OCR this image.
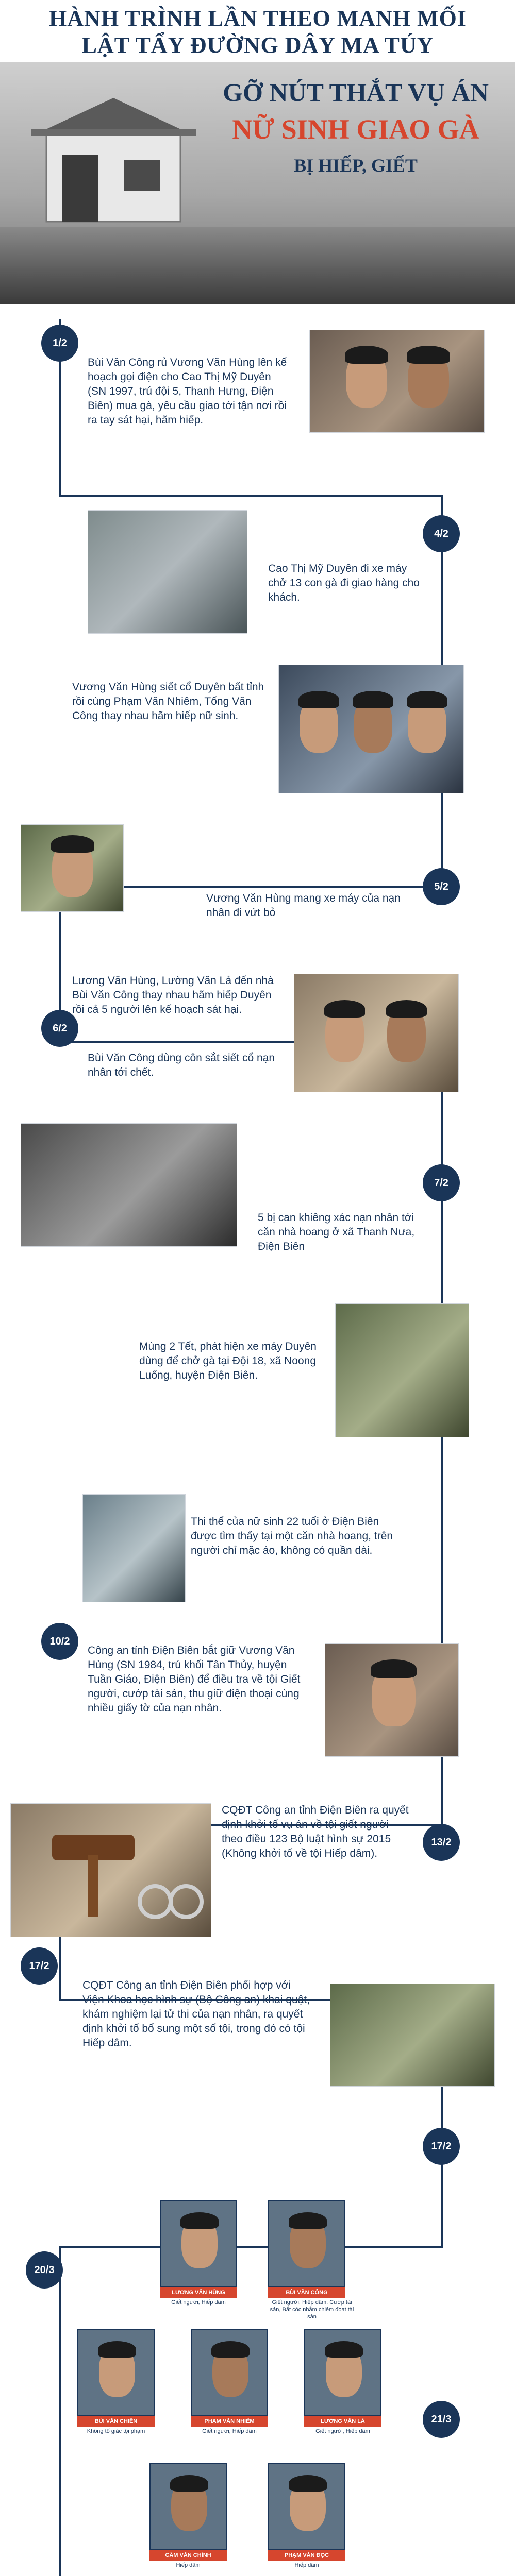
HÀNH TRÌNH LẦN THEO MANH MỐI
LẬT TẨY ĐƯỜNG DÂY MA TÚY
GỠ NÚT THẮT VỤ ÁN
NỮ SINH GIAO GÀ
BỊ HIẾP, GIẾT
1/2
Bùi Văn Công rủ Vương Văn Hùng lên kế hoạch gọi điện cho Cao Thị Mỹ Duyên (SN 1997, trú đội 5, Thanh Hưng, Điện Biên) mua gà, yêu cầu giao tới tận nơi rồi ra tay sát hại, hãm hiếp.
4/2
Cao Thị Mỹ Duyên đi xe máy chở 13 con gà đi giao hàng cho khách.
Vương Văn Hùng siết cổ Duyên bất tỉnh rồi cùng Phạm Văn Nhiêm, Tống Văn Công thay nhau hãm hiếp nữ sinh.
Vương Văn Hùng mang xe máy của nạn nhân đi vứt bỏ
5/2
Lương Văn Hùng, Lường Văn Lả đến nhà Bùi Văn Công thay nhau hãm hiếp Duyên rồi cả 5 người lên kế hoạch sát hại.
6/2
Bùi Văn Công dùng côn sắt siết cổ nạn nhân tới chết.
7/2
5 bị can khiêng xác nạn nhân tới căn nhà hoang ở xã Thanh Nưa, Điện Biên
Mùng 2 Tết, phát hiện xe máy Duyên dùng để chở gà tại Đội 18, xã Noong Luống, huyện Điện Biên.
Thi thể của nữ sinh 22 tuổi ở Điện Biên được tìm thấy tại một căn nhà hoang, trên người chỉ mặc áo, không có quần dài.
10/2
Công an tỉnh Điện Biên bắt giữ Vương Văn Hùng (SN 1984, trú khối Tân Thủy, huyện Tuần Giáo, Điện Biên) để điều tra về tội Giết người, cướp tài sản, thu giữ điện thoại cùng nhiều giấy tờ của nạn nhân.
CQĐT Công an tỉnh Điện Biên ra quyết định khởi tố vụ án về tội giết người theo điều 123 Bộ luật hình sự 2015 (Không khởi tố về tội Hiếp dâm).
13/2
17/2
CQĐT Công an tỉnh Điện Biên phối hợp với Viện Khoa học hình sự (Bộ Công an) khai quật, khám nghiệm lại tử thi của nạn nhân, ra quyết định khởi tố bổ sung một số tội, trong đó có tội Hiếp dâm.
17/2
LƯƠNG VĂN HÙNG
Giết người, Hiếp dâm
BÙI VĂN CÔNG
Giết người, Hiếp dâm, Cướp tài sản, Bắt cóc nhằm chiếm đoạt tài sản
20/3
BÙI VĂN CHIẾN
Không tố giác tội phạm
PHẠM VĂN NHIÊM
Giết người, Hiếp dâm
LƯỜNG VĂN LẢ
Giết người, Hiếp dâm
21/3
CẦM VĂN CHÍNH
Hiếp dâm
PHẠM VĂN ĐỌC
Hiếp dâm
